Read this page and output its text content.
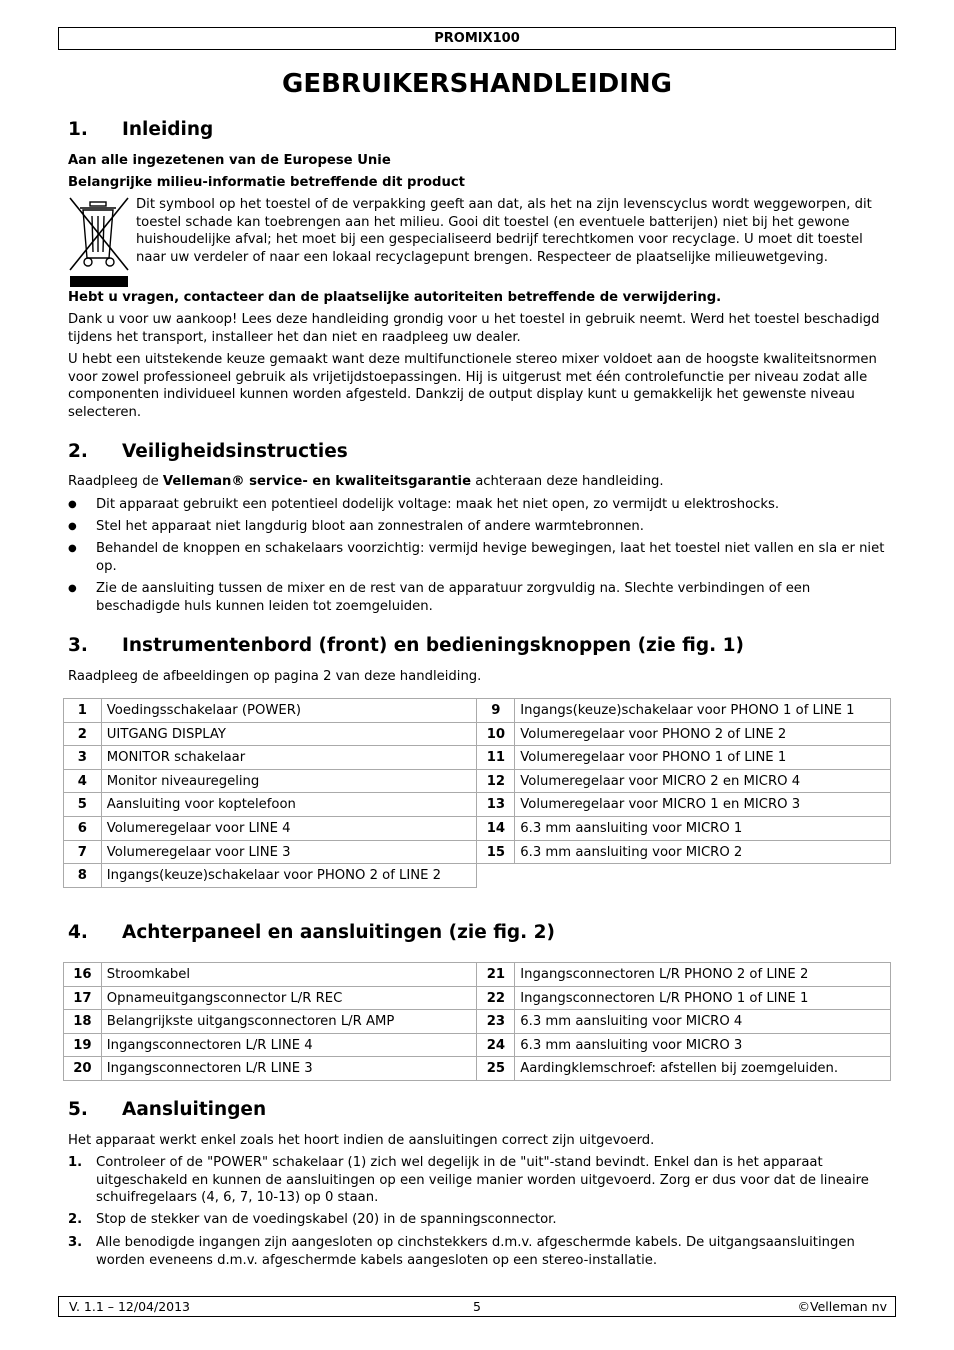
PROMIX100
GEBRUIKERSHANDLEIDING
1. Inleiding
Aan alle ingezetenen van de Europese Unie
Belangrijke milieu-informatie betreffende dit product
Dit symbool op het toestel of de verpakking geeft aan dat, als het na zijn levenscyclus wordt weggeworpen, dit toestel schade kan toebrengen aan het milieu. Gooi dit toestel (en eventuele batterijen) niet bij het gewone huishoudelijke afval; het moet bij een gespecialiseerd bedrijf terechtkomen voor recyclage. U moet dit toestel naar uw verdeler of naar een lokaal recyclagepunt brengen. Respecteer de plaatselijke milieuwetgeving.
Hebt u vragen, contacteer dan de plaatselijke autoriteiten betreffende de verwijdering.
Dank u voor uw aankoop! Lees deze handleiding grondig voor u het toestel in gebruik neemt. Werd het toestel beschadigd tijdens het transport, installeer het dan niet en raadpleeg uw dealer.
U hebt een uitstekende keuze gemaakt want deze multifunctionele stereo mixer voldoet aan de hoogste kwaliteitsnormen voor zowel professioneel gebruik als vrijetijdstoepassingen. Hij is uitgerust met één controlefunctie per niveau zodat alle componenten individueel kunnen worden afgesteld. Dankzij de output display kunt u gemakkelijk het gewenste niveau selecteren.
2. Veiligheidsinstructies
Raadpleeg de Velleman® service- en kwaliteitsgarantie achteraan deze handleiding.
●	Dit apparaat gebruikt een potentieel dodelijk voltage: maak het niet open, zo vermijdt u elektroshocks.
●	Stel het apparaat niet langdurig bloot aan zonnestralen of andere warmtebronnen.
●	Behandel de knoppen en schakelaars voorzichtig: vermijd hevige bewegingen, laat het toestel niet vallen en sla er niet op.
●	Zie de aansluiting tussen de mixer en de rest van de apparatuur zorgvuldig na. Slechte verbindingen of een beschadigde huls kunnen leiden tot zoemgeluiden.
3. Instrumentenbord (front) en bedieningsknoppen (zie fig. 1)
Raadpleeg de afbeeldingen op pagina 2 van deze handleiding.
1	Voedingsschakelaar (POWER)	9	Ingangs(keuze)schakelaar voor PHONO 1 of LINE 1
2	UITGANG DISPLAY	10	Volumeregelaar voor PHONO 2 of LINE 2
3	MONITOR schakelaar	11	Volumeregelaar voor PHONO 1 of LINE 1
4	Monitor niveauregeling	12	Volumeregelaar voor MICRO 2 en MICRO 4
5	Aansluiting voor koptelefoon	13	Volumeregelaar voor MICRO 1 en MICRO 3
6	Volumeregelaar voor LINE 4	14	6.3 mm aansluiting voor MICRO 1
7	Volumeregelaar voor LINE 3	15	6.3 mm aansluiting voor MICRO 2
8	Ingangs(keuze)schakelaar voor PHONO 2 of LINE 2		
4. Achterpaneel en aansluitingen (zie fig. 2)
16	Stroomkabel	21	Ingangsconnectoren L/R PHONO 2 of LINE 2
17	Opnameuitgangsconnector L/R REC	22	Ingangsconnectoren L/R PHONO 1 of LINE 1
18	Belangrijkste uitgangsconnectoren L/R AMP	23	6.3 mm aansluiting voor MICRO 4
19	Ingangsconnectoren L/R LINE 4	24	6.3 mm aansluiting voor MICRO 3
20	Ingangsconnectoren L/R LINE 3	25	Aardingklemschroef: afstellen bij zoemgeluiden.
5. Aansluitingen
Het apparaat werkt enkel zoals het hoort indien de aansluitingen correct zijn uitgevoerd.
1.	Controleer of de "POWER" schakelaar (1) zich wel degelijk in de "uit"-stand bevindt. Enkel dan is het apparaat uitgeschakeld en kunnen de aansluitingen op een veilige manier worden uitgevoerd. Zorg er dus voor dat de lineaire schuifregelaars (4, 6, 7, 10-13) op 0 staan.
2.	Stop de stekker van de voedingskabel (20) in de spanningsconnector.
3.	Alle benodigde ingangen zijn aangesloten op cinchstekkers d.m.v. afgeschermde kabels. De uitgangsaansluitingen worden eveneens d.m.v. afgeschermde kabels aangesloten op een stereo-installatie.
V. 1.1 – 12/04/2013	5	©Velleman nv
